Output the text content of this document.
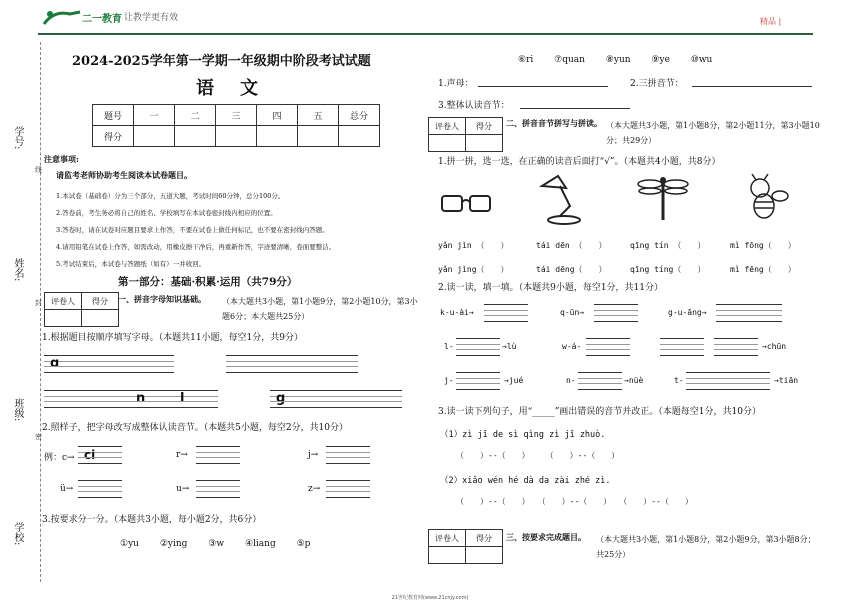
二一教育 让教学更有效	精品 |
学号:
姓名:
班级:
学校:
线
封
密
2024-2025学年第一学期一年级期中阶段考试试题
语　文
题号	一	二	三	四	五	总分
得分						
注意事项:
请监考老师协助考生阅读本试卷题目。
1.本试卷（基础卷）分为三个部分，五道大题，考试时间60分钟，总分100分。
2.答卷前，考生务必将自己的姓名、学校填写在本试卷密封线内相应的位置。
3.答卷时，请在试卷对应题目要求上作答，不要在试卷上做任何标记，也不要在密封线内答题。
4.请用铅笔在试卷上作答，如需改动，用橡皮擦干净后，再重新作答，字迹要清晰，卷面要整洁。
5.考试结束后，本试卷与答题纸（如有）一并收回。
第一部分：基础·积累·运用（共79分）
评卷人	得分
	一、拼音字母知识基础。 （本大题共3小题，第1小题9分，第2小题10分，第3小题6分；本大题共25分）
1.根据题目按顺序填写字母。（本题共11小题，每空1分，共9分）
ɑ
n	l	g
2.照样子，把字母改写成整体认读音节。（本题共5小题，每空2分，共10分）
例：c→ ci	r→	j→
ü→	u→	z→
3.按要求分一分。（本题共3小题，每小题2分，共6分）
①yu　　 ②ying　　 ③w　　 ④liang　　 ⑤p
⑥ri　　 ⑦quan　　 ⑧yun　　 ⑨ye　　 ⑩wu
1.声母：	2.三拼音节：
3.整体认读音节：
评卷人	得分
	二、拼音音节拼写与拼读。 （本大题共3小题，第1小题8分，第2小题11分，第3小题10分；共29分）
1.拼一拼，选一选，在正确的读音后面打“√”。（本题共4小题，共8分）
yǎn jìn （　　）
yǎn jìng（　　）
tái dēn （　　）
tái dēng（　　）
qīng tín （　　）
qīng tíng（　　）
mì fōng（　　）
mì fēng（　　）
2.读一读，填一填。（本题共9小题，每空1分，共11分）
k-u-ài→	q-ūn→	g-u-āng→
l-	→lù	w-á-	→chūn
j-	→jué	n-	→nüè	t-	→tiān
3.读一读下列句子，用“_____”画出错误的音节并改正。（本题每空1分，共10分）
（1）zì jǐ de sì qìng zì jǐ zhuò.
（　　）--（　　）　　　（　　）--（　　）
（2）xiǎo wén hé dà da zài zhé zì.
（　　）--（　　）　　（　　）--（　　）　　（　　）--（　　）
评卷人	得分
	三、按要求完成题目。 （本大题共3小题，第1小题8分，第2小题9分，第3小题8分；共25分）
21世纪教育网(www.21cnjy.com)
